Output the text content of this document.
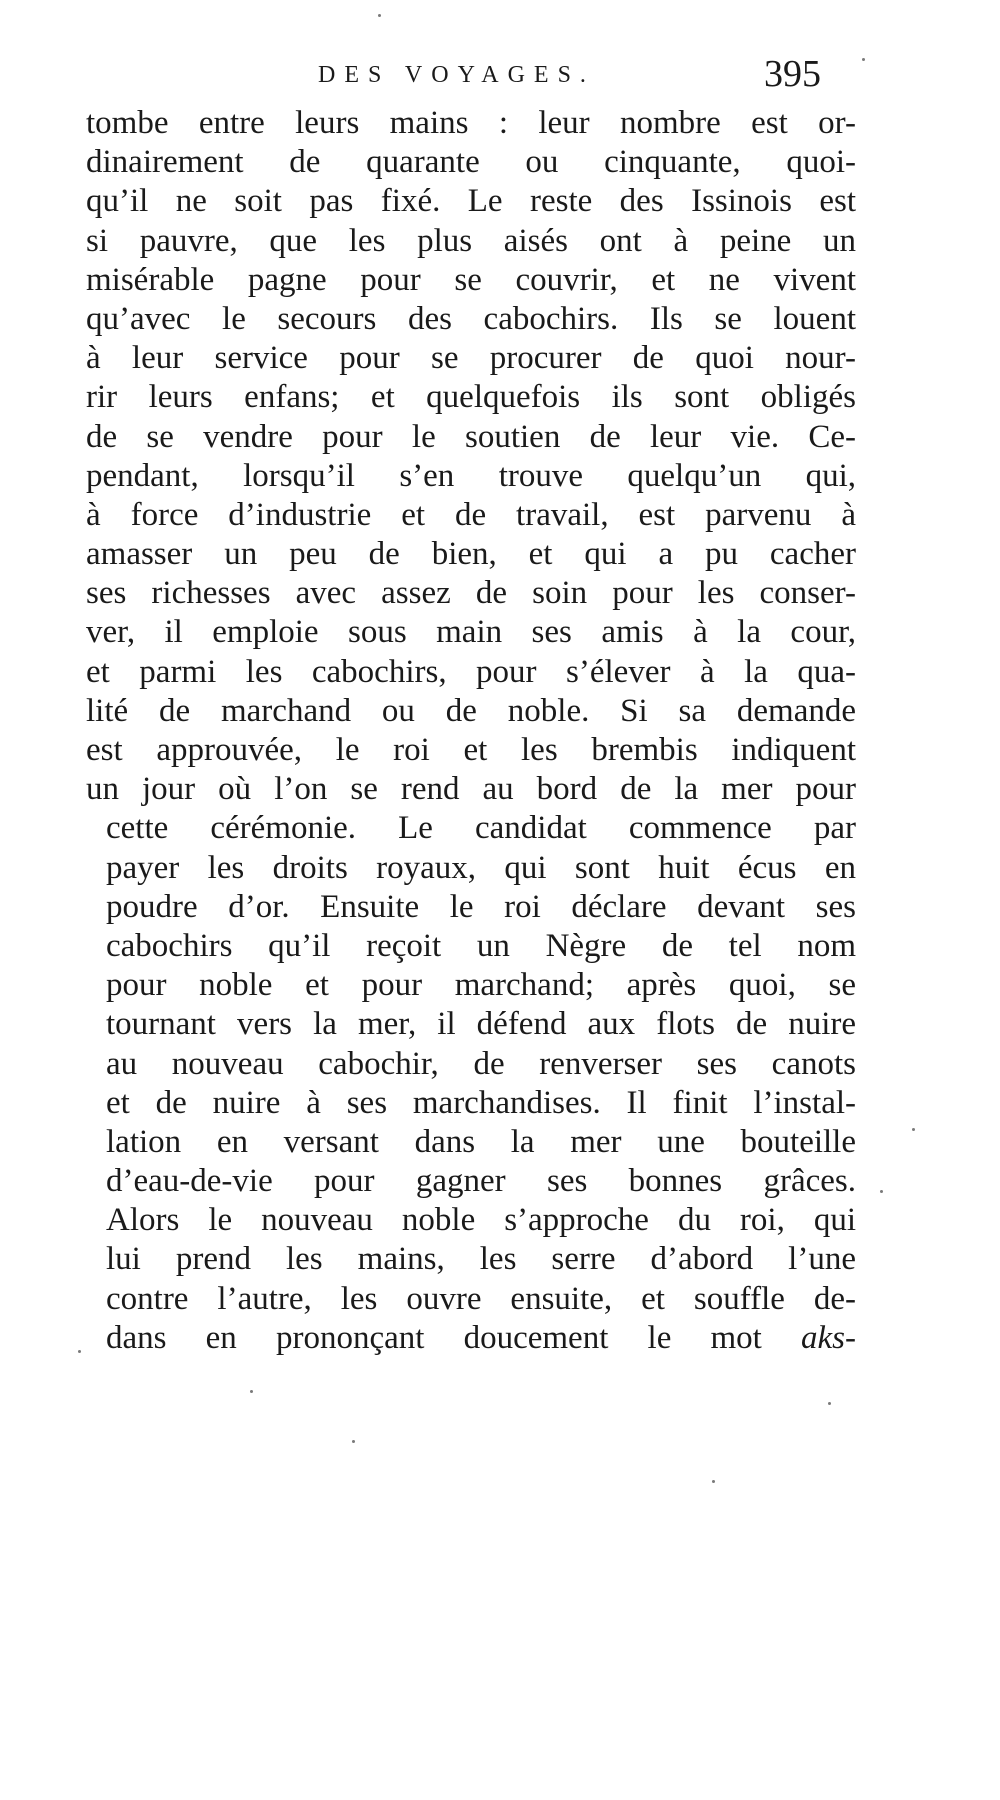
DES VOYAGES.	395
tombe entre leurs mains : leur nombre est or-
dinairement de quarante ou cinquante, quoi-
qu’il ne soit pas fixé. Le reste des Issinois est
si pauvre, que les plus aisés ont à peine un
misérable pagne pour se couvrir, et ne vivent
qu’avec le secours des cabochirs. Ils se louent
à leur service pour se procurer de quoi nour-
rir leurs enfans; et quelquefois ils sont obligés
de se vendre pour le soutien de leur vie. Ce-
pendant, lorsqu’il s’en trouve quelqu’un qui,
à force d’industrie et de travail, est parvenu à
amasser un peu de bien, et qui a pu cacher
ses richesses avec assez de soin pour les conser-
ver, il emploie sous main ses amis à la cour,
et parmi les cabochirs, pour s’élever à la qua-
lité de marchand ou de noble. Si sa demande
est approuvée, le roi et les brembis indiquent
un jour où l’on se rend au bord de la mer pour
cette cérémonie. Le candidat commence par
payer les droits royaux, qui sont huit écus en
poudre d’or. Ensuite le roi déclare devant ses
cabochirs qu’il reçoit un Nègre de tel nom
pour noble et pour marchand; après quoi, se
tournant vers la mer, il défend aux flots de nuire
au nouveau cabochir, de renverser ses canots
et de nuire à ses marchandises. Il finit l’instal-
lation en versant dans la mer une bouteille
d’eau-de-vie pour gagner ses bonnes grâces.
Alors le nouveau noble s’approche du roi, qui
lui prend les mains, les serre d’abord l’une
contre l’autre, les ouvre ensuite, et souffle de-
dans en prononçant doucement le mot aks-
